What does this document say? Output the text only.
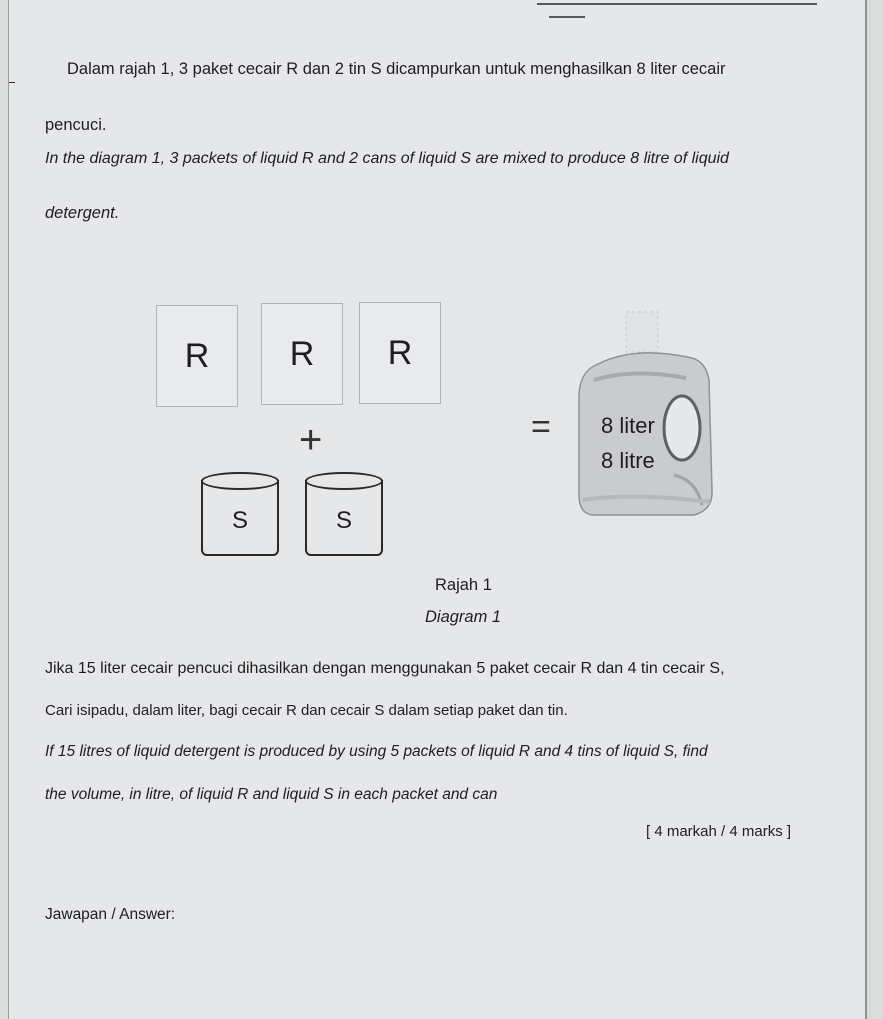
Dalam rajah 1, 3 paket cecair R dan 2 tin S dicampurkan untuk menghasilkan 8 liter cecair
pencuci.
In the diagram 1, 3 packets of liquid R and 2 cans of liquid S are mixed to produce 8 litre of liquid
detergent.
R	R	R
+
S	S
= 8 liter
8 litre
Rajah 1
Diagram 1
Jika 15 liter cecair pencuci dihasilkan dengan menggunakan 5 paket cecair R dan 4 tin cecair S,
Cari isipadu, dalam liter, bagi cecair R dan cecair S dalam setiap paket dan tin.
If 15 litres of liquid detergent is produced by using 5 packets of liquid R and 4 tins of liquid S, find
the volume, in litre, of liquid R and liquid S in each packet and can
[ 4 markah / 4 marks ]
Jawapan / Answer:
